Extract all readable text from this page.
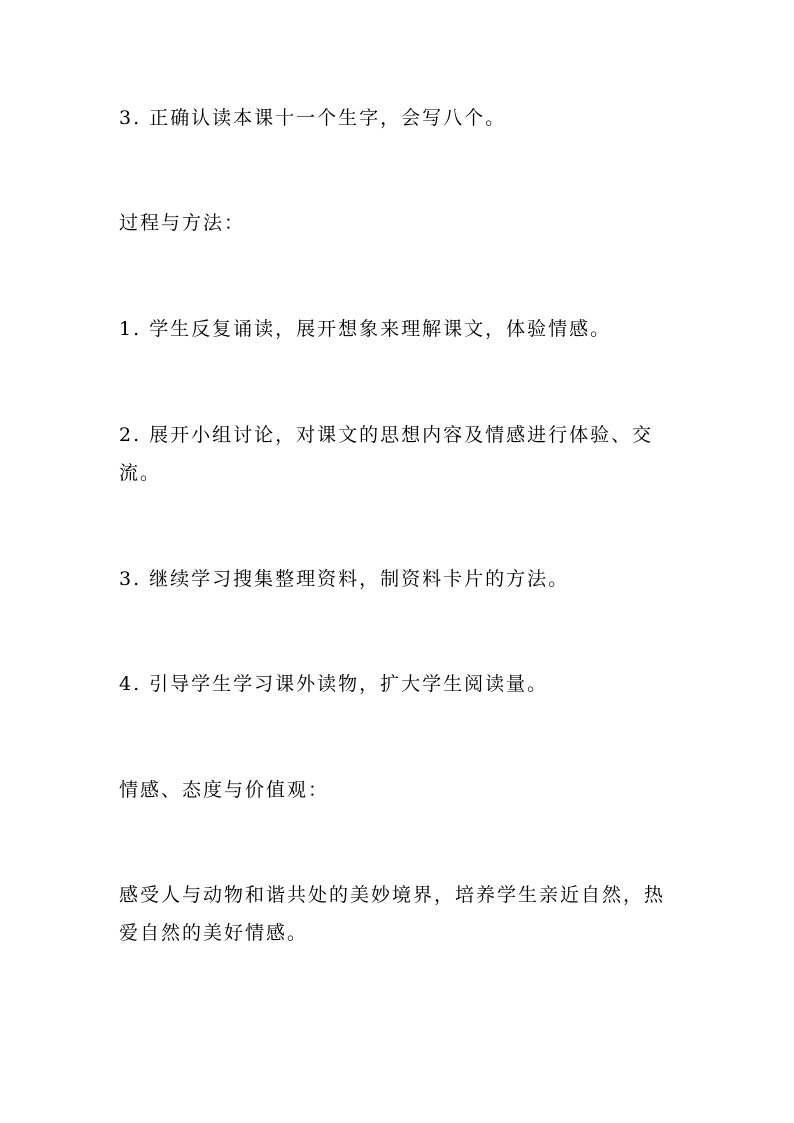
3. 正确认读本课十一个生字，会写八个。

过程与方法：

1. 学生反复诵读，展开想象来理解课文，体验情感。

2. 展开小组讨论，对课文的思想内容及情感进行体验、交

流。

3. 继续学习搜集整理资料，制资料卡片的方法。

4. 引导学生学习课外读物，扩大学生阅读量。

情感、态度与价值观：

感受人与动物和谐共处的美妙境界，培养学生亲近自然，热

爱自然的美好情感。
